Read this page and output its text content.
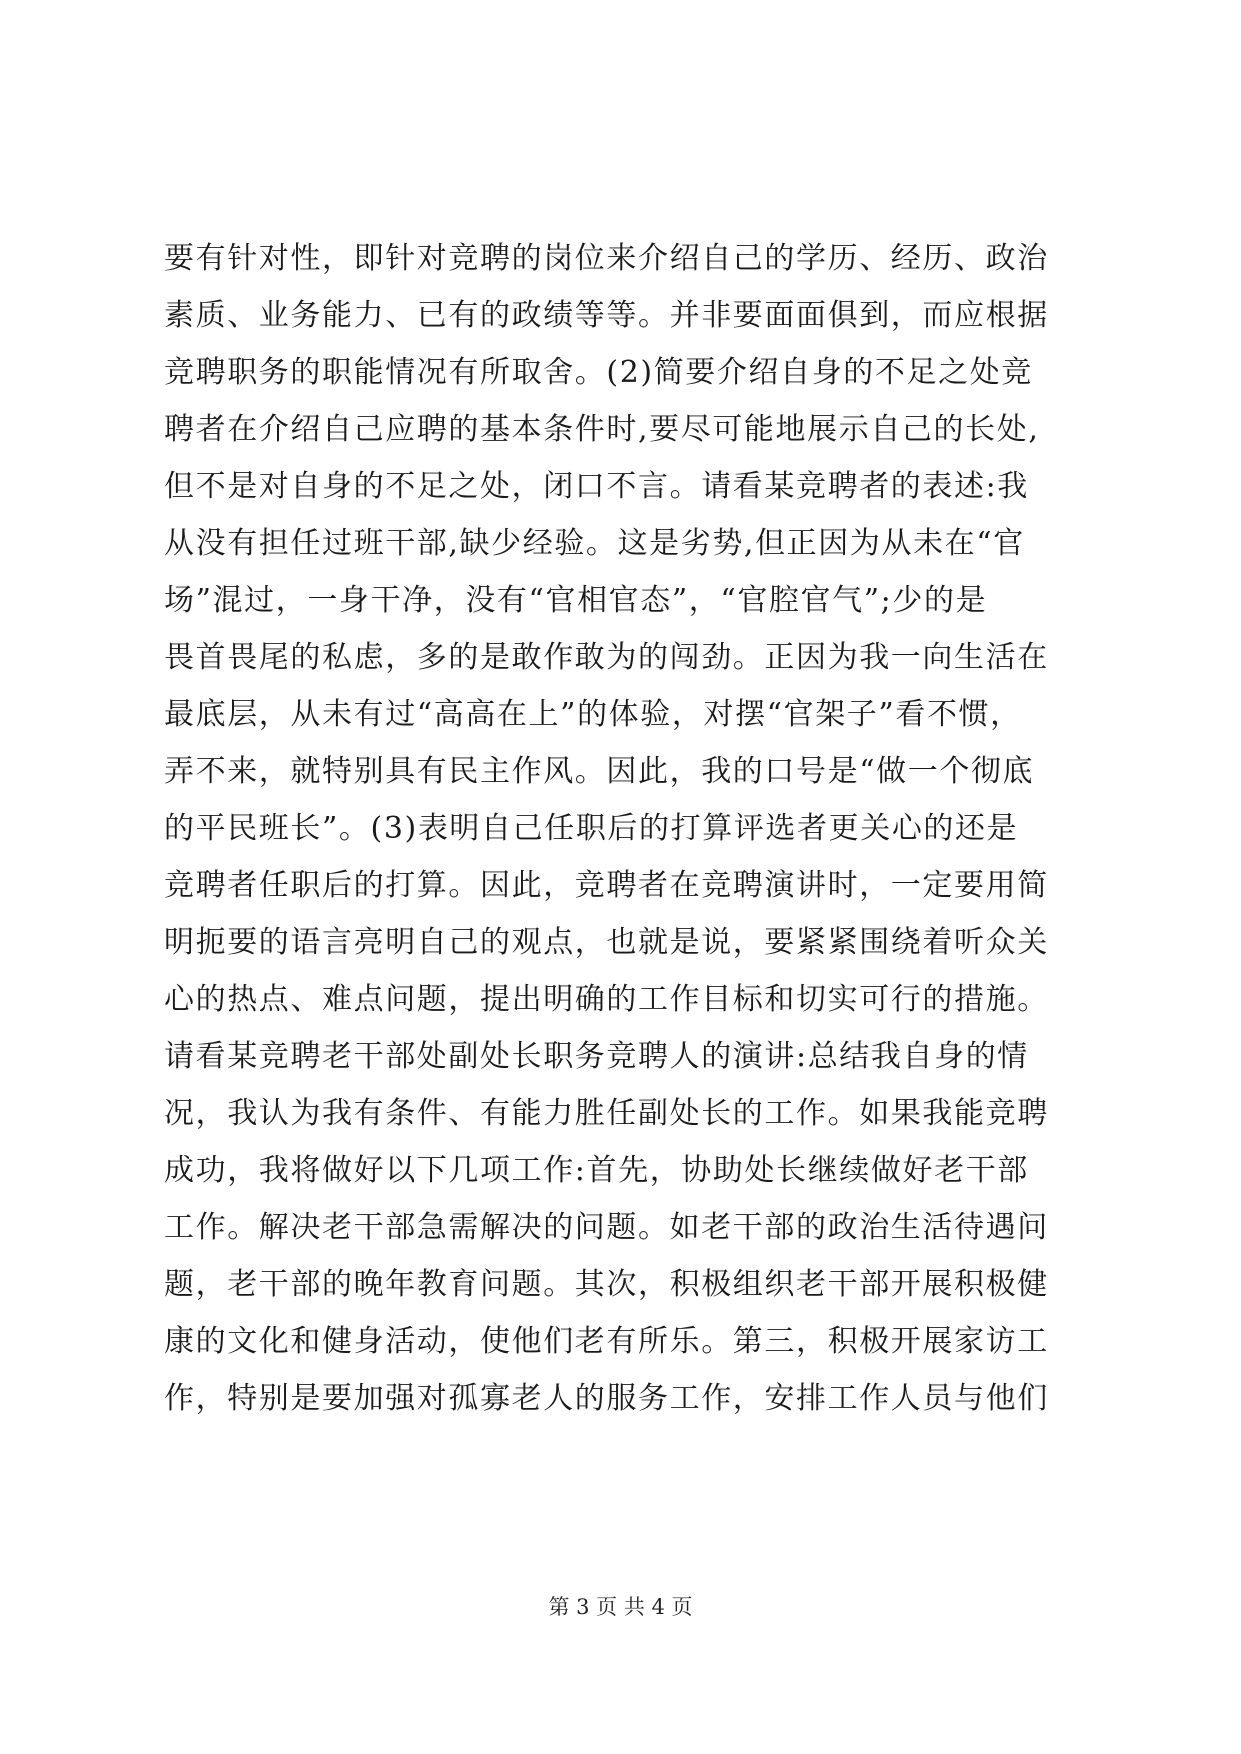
要有针对性，即针对竞聘的岗位来介绍自己的学历、经历、政治
素质、业务能力、已有的政绩等等。并非要面面俱到，而应根据
竞聘职务的职能情况有所取舍。(2)简要介绍自身的不足之处竞
聘者在介绍自己应聘的基本条件时,要尽可能地展示自己的长处,
但不是对自身的不足之处，闭口不言。请看某竞聘者的表述:我
从没有担任过班干部,缺少经验。这是劣势,但正因为从未在“官
场”混过，一身干净，没有“官相官态”，“官腔官气”;少的是
畏首畏尾的私虑，多的是敢作敢为的闯劲。正因为我一向生活在
最底层，从未有过“高高在上”的体验，对摆“官架子”看不惯，
弄不来，就特别具有民主作风。因此，我的口号是“做一个彻底
的平民班长”。(3)表明自己任职后的打算评选者更关心的还是
竞聘者任职后的打算。因此，竞聘者在竞聘演讲时，一定要用简
明扼要的语言亮明自己的观点，也就是说，要紧紧围绕着听众关
心的热点、难点问题，提出明确的工作目标和切实可行的措施。
请看某竞聘老干部处副处长职务竞聘人的演讲:总结我自身的情
况，我认为我有条件、有能力胜任副处长的工作。如果我能竞聘
成功，我将做好以下几项工作:首先，协助处长继续做好老干部
工作。解决老干部急需解决的问题。如老干部的政治生活待遇问
题，老干部的晚年教育问题。其次，积极组织老干部开展积极健
康的文化和健身活动，使他们老有所乐。第三，积极开展家访工
作，特别是要加强对孤寡老人的服务工作，安排工作人员与他们
第 3 页 共 4 页
